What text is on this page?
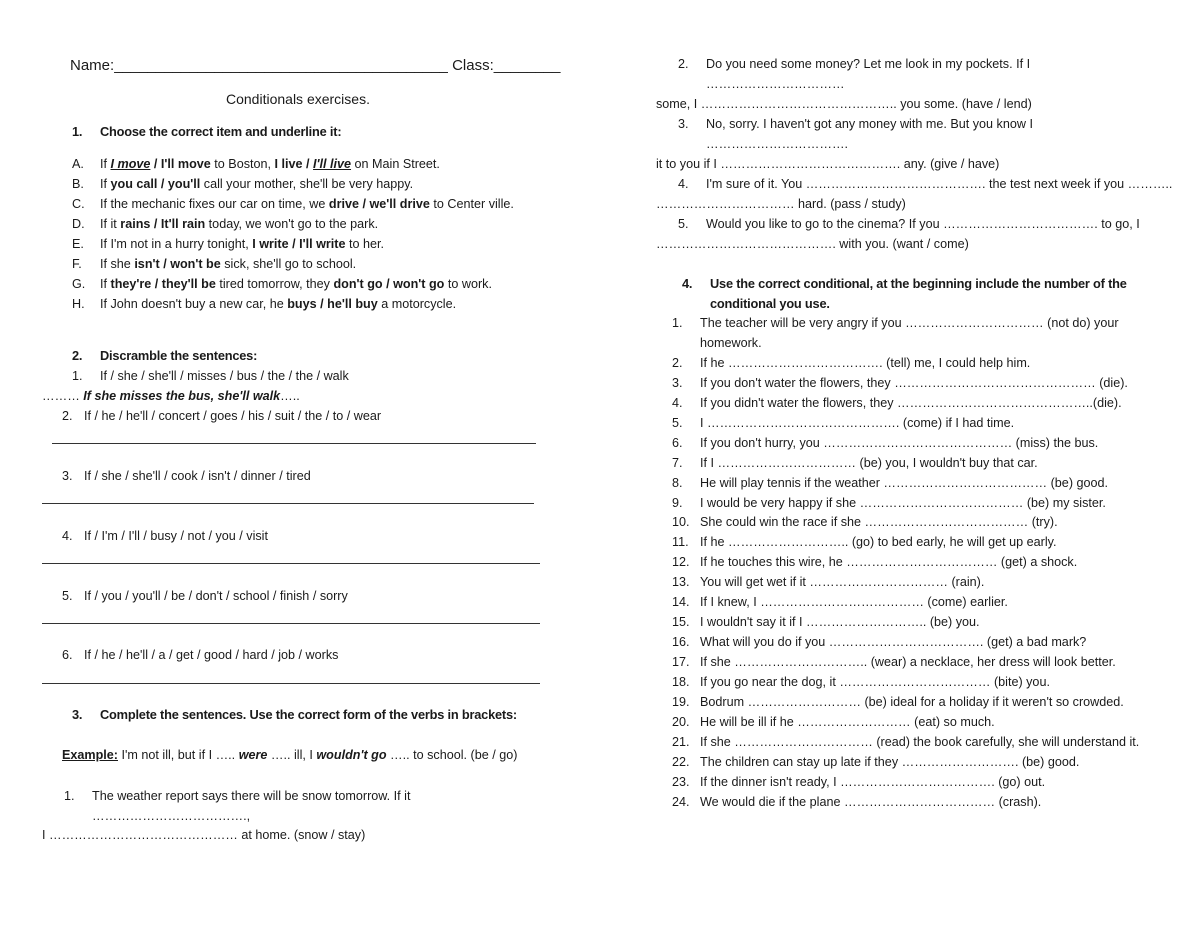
Name:________________________________________ Class:________
Conditionals exercises.
1. Choose the correct item and underline it:
A. If I move / I'll move to Boston, I live / I'll live on Main Street.
B. If you call / you'll call your mother, she'll be very happy.
C. If the mechanic fixes our car on time, we drive / we'll drive to Center ville.
D. If it rains / It'll rain today, we won't go to the park.
E. If I'm not in a hurry tonight, I write / I'll write to her.
F. If she isn't / won't be sick, she'll go to school.
G. If they're / they'll be tired tomorrow, they don't go / won't go to work.
H. If John doesn't buy a new car, he buys / he'll buy a motorcycle.
2. Discramble the sentences:
1. If / she / she'll / misses / bus / the / the / walk
……… If she misses the bus, she'll walk…..
2. If / he / he'll / concert / goes / his / suit / the / to / wear
3. If / she / she'll / cook / isn't / dinner / tired
4. If / I'm / I'll / busy / not / you / visit
5. If / you / you'll / be / don't / school / finish / sorry
6. If / he / he'll / a / get / good / hard / job / works
3. Complete the sentences. Use the correct form of the verbs in brackets:
Example: I'm not ill, but if I ….. were ….. ill, I wouldn't go ….. to school. (be / go)
1. The weather report says there will be snow tomorrow. If it
……………………………….,
I ……………………………………… at home. (snow / stay)
2. Do you need some money? Let me look in my pockets. If I
……………………………
some, I ……………………………………….. you some. (have / lend)
3. No, sorry. I haven't got any money with me. But you know I
…………………………….
it to you if I ……………………………………. any. (give / have)
4. I'm sure of it. You ……………………………………. the test next week if you ………..
…………………………… hard. (pass / study)
5. Would you like to go to the cinema? If you ………………………………. to go, I
……………………………………. with you. (want / come)
4. Use the correct conditional, at the beginning include the number of the
conditional you use.
1. The teacher will be very angry if you …………………………… (not do) your
homework.
2. If he ………………………………. (tell) me, I could help him.
3. If you don't water the flowers, they ………………………………………… (die).
4. If you didn't water the flowers, they ………………………………………..(die).
5. I ………………………………………. (come) if I had time.
6. If you don't hurry, you ……………………………………… (miss) the bus.
7. If I …………………………… (be) you, I wouldn't buy that car.
8. He will play tennis if the weather ………………………………… (be) good.
9. I would be very happy if she ………………………………… (be) my sister.
10. She could win the race if she ………………………………… (try).
11. If he ……………………….. (go) to bed early, he will get up early.
12. If he touches this wire, he ……………………………… (get) a shock.
13. You will get wet if it …………………………… (rain).
14. If I knew, I ………………………………… (come) earlier.
15. I wouldn't say it if I ……………………….. (be) you.
16. What will you do if you ………………………………. (get) a bad mark?
17. If she ………………………….. (wear) a necklace, her dress will look better.
18. If you go near the dog, it ……………………………… (bite) you.
19. Bodrum ……………………… (be) ideal for a holiday if it weren't so crowded.
20. He will be ill if he ……………………… (eat) so much.
21. If she …………………………… (read) the book carefully, she will understand it.
22. The children can stay up late if they ………………………. (be) good.
23. If the dinner isn't ready, I ………………………………. (go) out.
24. We would die if the plane ……………………………… (crash).
